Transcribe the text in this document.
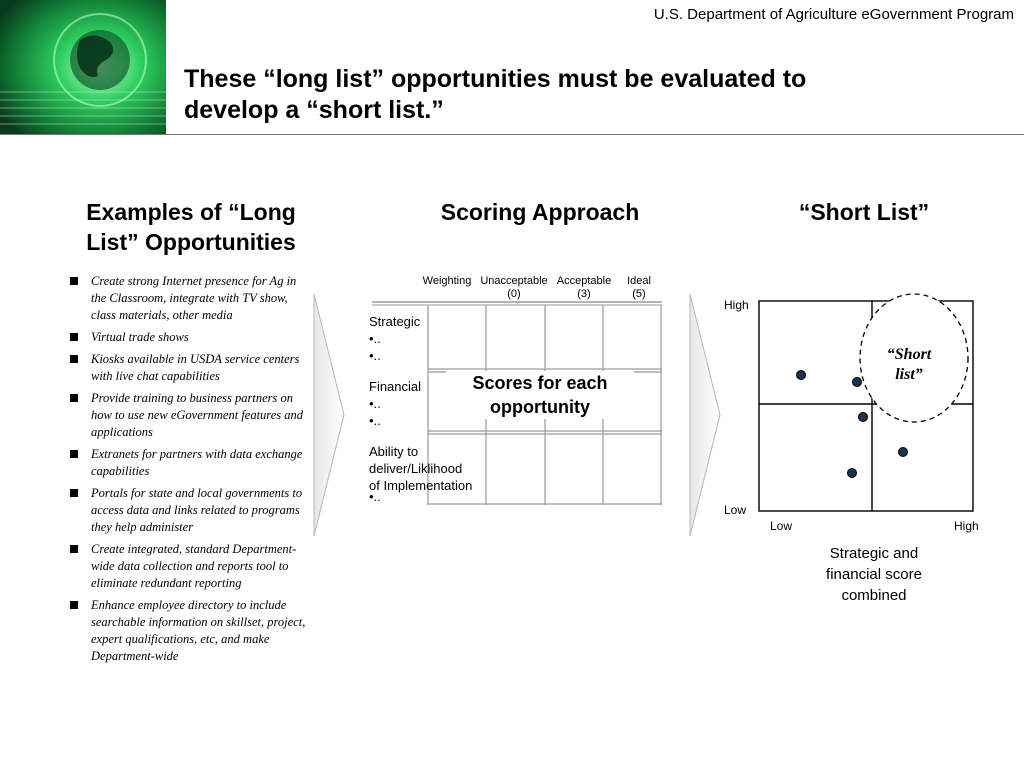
U.S. Department of Agriculture eGovernment Program
These “long list” opportunities must be evaluated to
develop a “short list.”
Examples of “Long
List” Opportunities
Scoring Approach	“Short List”
Create strong Internet presence for Ag in the Classroom, integrate with TV show, class materials, other media
Virtual trade shows
Kiosks available in USDA service centers with live chat capabilities
Provide training to business partners on how to use new eGovernment features and applications
Extranets for partners with data exchange capabilities
Portals for state and local governments to access data and links related to programs they help administer
Create integrated, standard Department-wide data collection and reports tool to eliminate redundant reporting
Enhance employee directory to include searchable information on skillset, project, expert qualifications, etc, and make Department-wide
Weighting Unacceptable
(0)
Acceptable
(3)
Ideal
(5)
Strategic
•..
•..
Financial
•..
•..
Ability to
deliver/Liklihood
of Implementation
•..
Scores for each
opportunity
High
Low
Low	High
“Short
list”
Strategic and
financial score
combined
